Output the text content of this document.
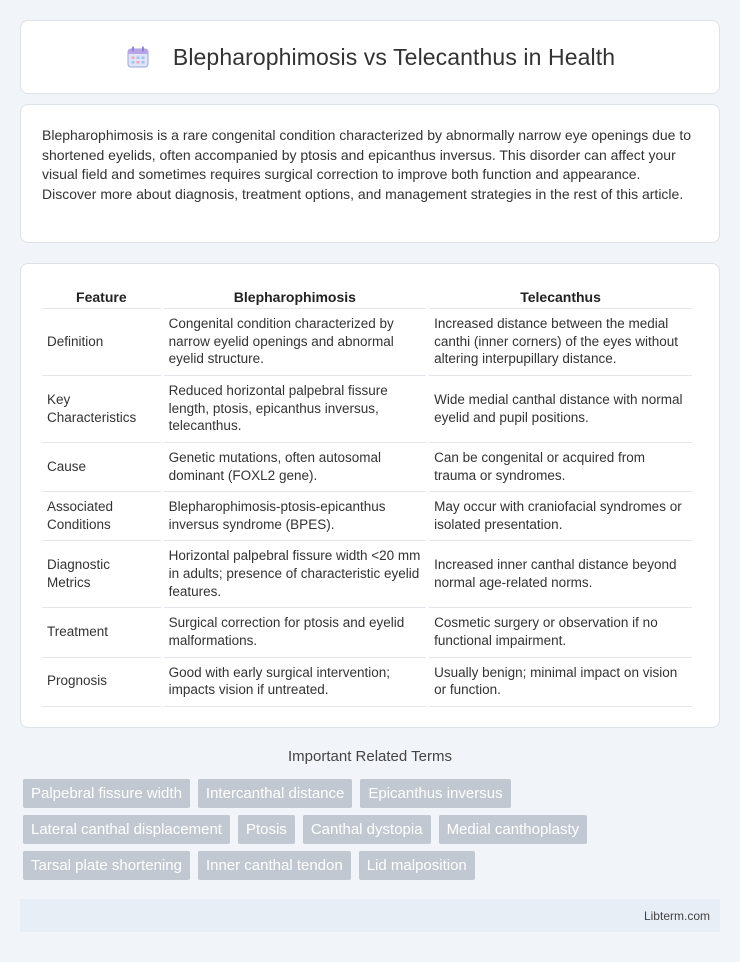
Blepharophimosis vs Telecanthus in Health

Blepharophimosis is a rare congenital condition characterized by abnormally narrow eye openings due to shortened eyelids, often accompanied by ptosis and epicanthus inversus. This disorder can affect your visual field and sometimes requires surgical correction to improve both function and appearance. Discover more about diagnosis, treatment options, and management strategies in the rest of this article.

Feature	Blepharophimosis	Telecanthus
Definition	Congenital condition characterized by narrow eyelid openings and abnormal eyelid structure.	Increased distance between the medial canthi (inner corners) of the eyes without altering interpupillary distance.
Key Characteristics	Reduced horizontal palpebral fissure length, ptosis, epicanthus inversus, telecanthus.	Wide medial canthal distance with normal eyelid and pupil positions.
Cause	Genetic mutations, often autosomal dominant (FOXL2 gene).	Can be congenital or acquired from trauma or syndromes.
Associated Conditions	Blepharophimosis-ptosis-epicanthus inversus syndrome (BPES).	May occur with craniofacial syndromes or isolated presentation.
Diagnostic Metrics	Horizontal palpebral fissure width <20 mm in adults; presence of characteristic eyelid features.	Increased inner canthal distance beyond normal age-related norms.
Treatment	Surgical correction for ptosis and eyelid malformations.	Cosmetic surgery or observation if no functional impairment.
Prognosis	Good with early surgical intervention; impacts vision if untreated.	Usually benign; minimal impact on vision or function.
Important Related Terms
Palpebral fissure width	Intercanthal distance	Epicanthus inversus
Lateral canthal displacement	Ptosis	Canthal dystopia	Medial canthoplasty
Tarsal plate shortening	Inner canthal tendon	Lid malposition
Libterm.com
